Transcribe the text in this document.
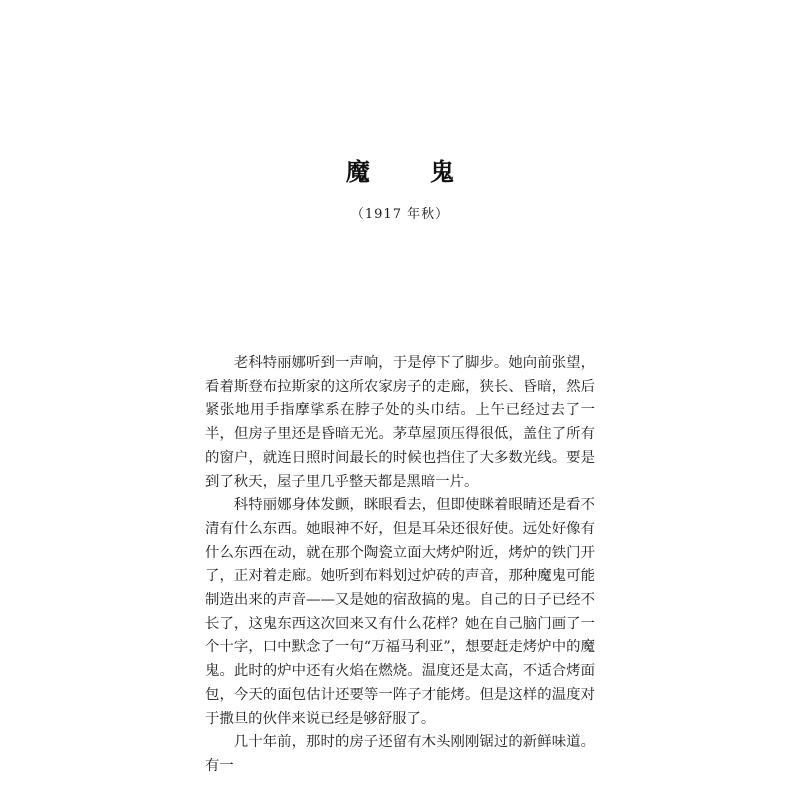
魔 鬼
（1917 年秋）

老科特丽娜听到一声响，于是停下了脚步。她向前张望，看着斯登布拉斯家的这所农家房子的走廊，狭长、昏暗，然后紧张地用手指摩挲系在脖子处的头巾结。上午已经过去了一半，但房子里还是昏暗无光。茅草屋顶压得很低，盖住了所有的窗户，就连日照时间最长的时候也挡住了大多数光线。要是到了秋天，屋子里几乎整天都是黑暗一片。

科特丽娜身体发颤，眯眼看去，但即使眯着眼睛还是看不清有什么东西。她眼神不好，但是耳朵还很好使。远处好像有什么东西在动，就在那个陶瓷立面大烤炉附近，烤炉的铁门开了，正对着走廊。她听到布料划过炉砖的声音，那种魔鬼可能制造出来的声音——又是她的宿敌搞的鬼。自己的日子已经不长了，这鬼东西这次回来又有什么花样？她在自己脑门画了一个十字，口中默念了一句“万福马利亚”，想要赶走烤炉中的魔鬼。此时的炉中还有火焰在燃烧。温度还是太高，不适合烤面包，今天的面包估计还要等一阵子才能烤。但是这样的温度对于撒旦的伙伴来说已经是够舒服了。

几十年前，那时的房子还留有木头刚刚锯过的新鲜味道。有一
